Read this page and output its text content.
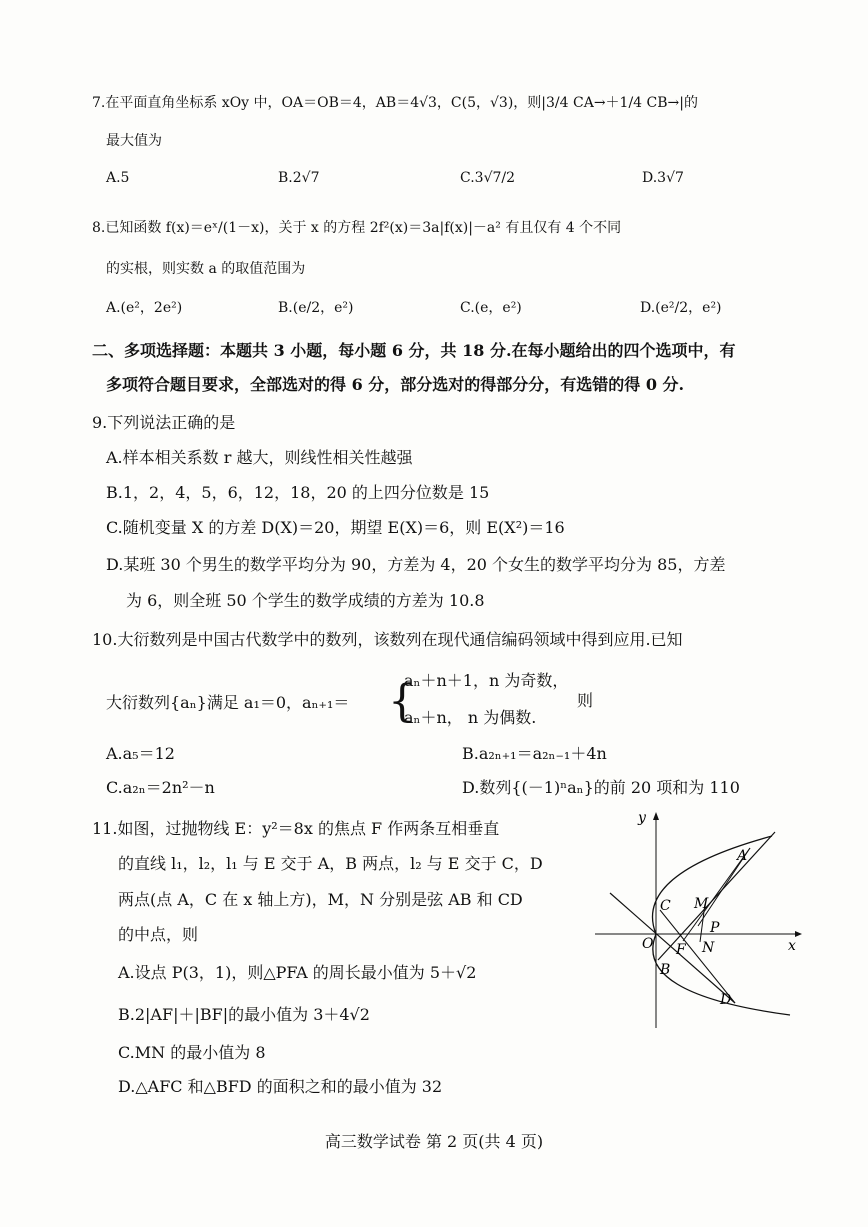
7.在平面直角坐标系 xOy 中，OA＝OB＝4，AB＝4√3，C(5，√3)，则|3/4 CA→＋1/4 CB→|的
最大值为
A.5	B.2√7	C.3√7/2	D.3√7
8.已知函数 f(x)＝eˣ/(1－x)，关于 x 的方程 2f²(x)＝3a|f(x)|－a² 有且仅有 4 个不同
的实根，则实数 a 的取值范围为
A.(e²，2e²)	B.(e/2，e²)	C.(e，e²)	D.(e²/2，e²)
二、多项选择题：本题共 3 小题，每小题 6 分，共 18 分.在每小题给出的四个选项中，有
多项符合题目要求，全部选对的得 6 分，部分选对的得部分分，有选错的得 0 分.
9.下列说法正确的是
A.样本相关系数 r 越大，则线性相关性越强
B.1，2，4，5，6，12，18，20 的上四分位数是 15
C.随机变量 X 的方差 D(X)＝20，期望 E(X)＝6，则 E(X²)＝16
D.某班 30 个男生的数学平均分为 90，方差为 4，20 个女生的数学平均分为 85，方差
为 6，则全班 50 个学生的数学成绩的方差为 10.8
10.大衍数列是中国古代数学中的数列，该数列在现代通信编码领域中得到应用.已知
大衍数列{aₙ}满足 a₁＝0，aₙ₊₁＝ {
aₙ＋n＋1，n 为奇数，
aₙ＋n， n 为偶数.
则
A.a₅＝12	B.a₂ₙ₊₁＝a₂ₙ₋₁＋4n
C.a₂ₙ＝2n²－n	D.数列{(－1)ⁿaₙ}的前 20 项和为 110
11.如图，过抛物线 E：y²＝8x 的焦点 F 作两条互相垂直
的直线 l₁，l₂，l₁ 与 E 交于 A，B 两点，l₂ 与 E 交于 C，D
两点(点 A，C 在 x 轴上方)，M，N 分别是弦 AB 和 CD
的中点，则
A.设点 P(3，1)，则△PFA 的周长最小值为 5＋√2
B.2|AF|＋|BF|的最小值为 3＋4√2
C.MN 的最小值为 8
D.△AFC 和△BFD 的面积之和的最小值为 32
y
x
O
A
B
C
D
M
N
P
F
高三数学试卷 第 2 页(共 4 页)
